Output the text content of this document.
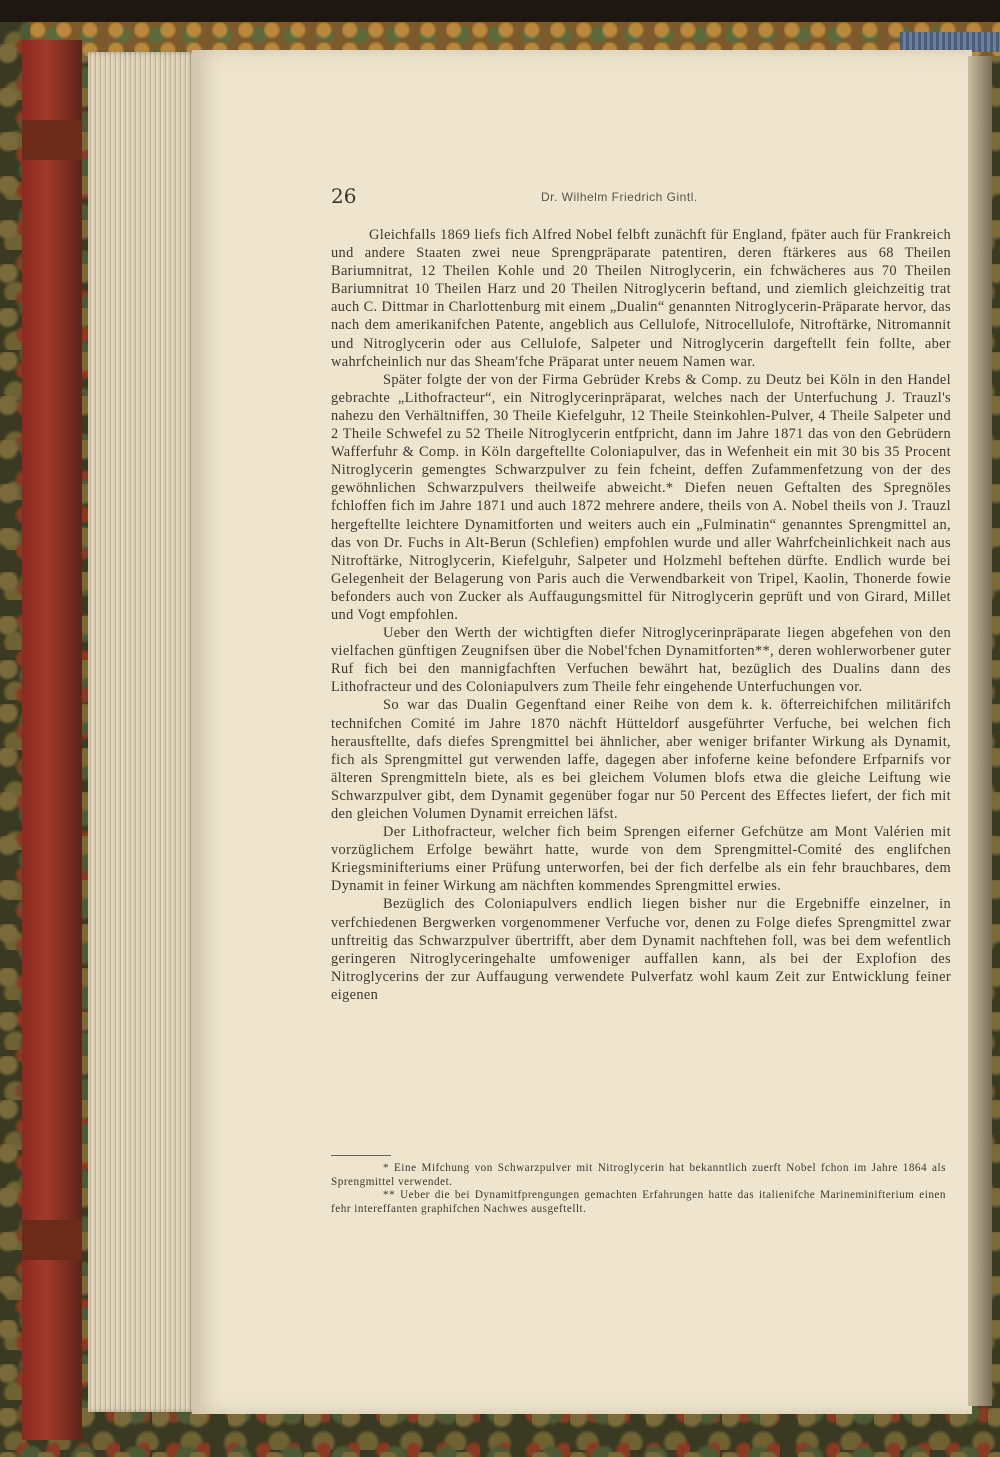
26	Dr. Wilhelm Friedrich Gintl.

Gleichfalls 1869 liefs fich Alfred Nobel felbft zunächft für England, fpäter auch für Frankreich und andere Staaten zwei neue Sprengpräparate patentiren, deren ftärkeres aus 68 Theilen Bariumnitrat, 12 Theilen Kohle und 20 Theilen Nitroglycerin, ein fchwächeres aus 70 Theilen Bariumnitrat 10 Theilen Harz und 20 Theilen Nitroglycerin beftand, und ziemlich gleichzeitig trat auch C. Dittmar in Charlottenburg mit einem „Dualin“ genannten Nitroglycerin-Präparate hervor, das nach dem amerikanifchen Patente, angeblich aus Cellulofe, Nitrocellulofe, Nitroftärke, Nitromannit und Nitroglycerin oder aus Cellulofe, Salpeter und Nitroglycerin dargeftellt fein follte, aber wahrfcheinlich nur das Sheam'fche Präparat unter neuem Namen war.

Später folgte der von der Firma Gebrüder Krebs & Comp. zu Deutz bei Köln in den Handel gebrachte „Lithofracteur“, ein Nitroglycerinpräparat, welches nach der Unterfuchung J. Trauzl's nahezu den Verhältniffen, 30 Theile Kiefelguhr, 12 Theile Steinkohlen-Pulver, 4 Theile Salpeter und 2 Theile Schwefel zu 52 Theile Nitroglycerin entfpricht, dann im Jahre 1871 das von den Gebrüdern Wafferfuhr & Comp. in Köln dargeftellte Coloniapulver, das in Wefenheit ein mit 30 bis 35 Procent Nitroglycerin gemengtes Schwarzpulver zu fein fcheint, deffen Zufammenfetzung von der des gewöhnlichen Schwarzpulvers theilweife abweicht.* Diefen neuen Geftalten des Spregnöles fchloffen fich im Jahre 1871 und auch 1872 mehrere andere, theils von A. Nobel theils von J. Trauzl hergeftellte leichtere Dynamitforten und weiters auch ein „Fulminatin“ genanntes Sprengmittel an, das von Dr. Fuchs in Alt-Berun (Schlefien) empfohlen wurde und aller Wahrfcheinlichkeit nach aus Nitroftärke, Nitroglycerin, Kiefelguhr, Salpeter und Holzmehl beftehen dürfte. Endlich wurde bei Gelegenheit der Belagerung von Paris auch die Verwendbarkeit von Tripel, Kaolin, Thonerde fowie befonders auch von Zucker als Auffaugungsmittel für Nitroglycerin geprüft und von Girard, Millet und Vogt empfohlen.

Ueber den Werth der wichtigften diefer Nitroglycerinpräparate liegen abgefehen von den vielfachen günftigen Zeugnifsen über die Nobel'fchen Dynamitforten**, deren wohlerworbener guter Ruf fich bei den mannigfachften Verfuchen bewährt hat, bezüglich des Dualins dann des Lithofracteur und des Coloniapulvers zum Theile fehr eingehende Unterfuchungen vor.

So war das Dualin Gegenftand einer Reihe von dem k. k. öfterreichifchen militärifch technifchen Comité im Jahre 1870 nächft Hütteldorf ausgeführter Verfuche, bei welchen fich herausftellte, dafs diefes Sprengmittel bei ähnlicher, aber weniger brifanter Wirkung als Dynamit, fich als Sprengmittel gut verwenden laffe, dagegen aber infoferne keine befondere Erfparnifs vor älteren Sprengmitteln biete, als es bei gleichem Volumen blofs etwa die gleiche Leiftung wie Schwarzpulver gibt, dem Dynamit gegenüber fogar nur 50 Percent des Effectes liefert, der fich mit den gleichen Volumen Dynamit erreichen läfst.

Der Lithofracteur, welcher fich beim Sprengen eiferner Gefchütze am Mont Valérien mit vorzüglichem Erfolge bewährt hatte, wurde von dem Sprengmittel-Comité des englifchen Kriegsminifteriums einer Prüfung unterworfen, bei der fich derfelbe als ein fehr brauchbares, dem Dynamit in feiner Wirkung am nächften kommendes Sprengmittel erwies.

Bezüglich des Coloniapulvers endlich liegen bisher nur die Ergebniffe einzelner, in verfchiedenen Bergwerken vorgenommener Verfuche vor, denen zu Folge diefes Sprengmittel zwar unftreitig das Schwarzpulver übertrifft, aber dem Dynamit nachftehen foll, was bei dem wefentlich geringeren Nitroglyceringehalte umfoweniger auffallen kann, als bei der Explofion des Nitroglycerins der zur Auffaugung verwendete Pulverfatz wohl kaum Zeit zur Entwicklung feiner eigenen

* Eine Mifchung von Schwarzpulver mit Nitroglycerin hat bekanntlich zuerft Nobel fchon im Jahre 1864 als Sprengmittel verwendet.

** Ueber die bei Dynamitfprengungen gemachten Erfahrungen hatte das italienifche Marineminifterium einen fehr intereffanten graphifchen Nachwes ausgeftellt.
